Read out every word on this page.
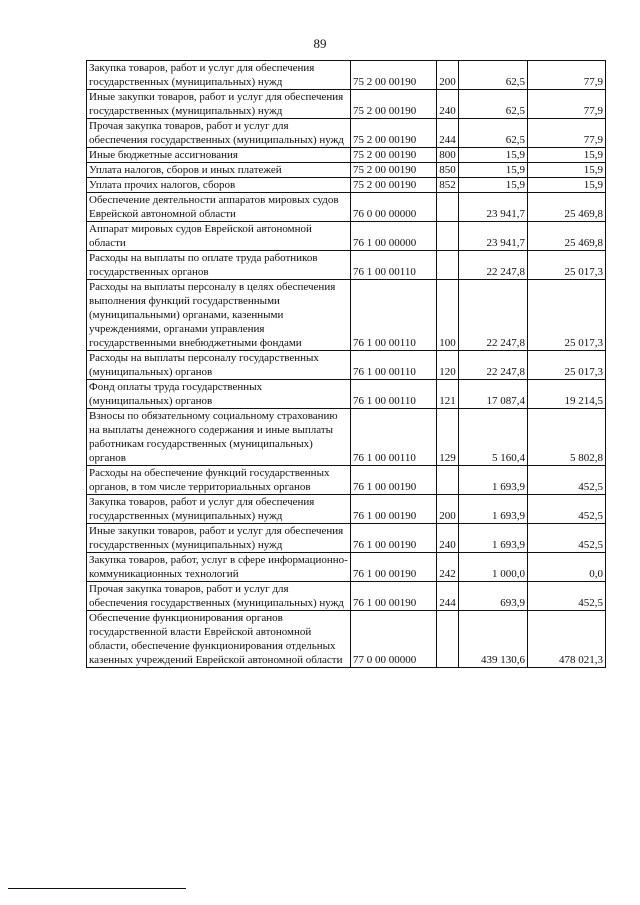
89
Закупка товаров, работ и услуг для обеспечения государственных (муниципальных) нужд	75 2 00 00190	200	62,5	77,9
Иные закупки товаров, работ и услуг для обеспечения государственных (муниципальных) нужд	75 2 00 00190	240	62,5	77,9
Прочая закупка товаров, работ и услуг для обеспечения государственных (муниципальных) нужд	75 2 00 00190	244	62,5	77,9
Иные бюджетные ассигнования	75 2 00 00190	800	15,9	15,9
Уплата налогов, сборов и иных платежей	75 2 00 00190	850	15,9	15,9
Уплата прочих налогов, сборов	75 2 00 00190	852	15,9	15,9
Обеспечение деятельности аппаратов мировых судов Еврейской автономной области	76 0 00 00000		23 941,7	25 469,8
Аппарат мировых судов Еврейской автономной области	76 1 00 00000		23 941,7	25 469,8
Расходы на выплаты по оплате труда работников государственных органов	76 1 00 00110		22 247,8	25 017,3
Расходы на выплаты персоналу в целях обеспечения выполнения функций государственными (муниципальными) органами, казенными учреждениями, органами управления государственными внебюджетными фондами	76 1 00 00110	100	22 247,8	25 017,3
Расходы на выплаты персоналу государственных (муниципальных) органов	76 1 00 00110	120	22 247,8	25 017,3
Фонд оплаты труда государственных (муниципальных) органов	76 1 00 00110	121	17 087,4	19 214,5
Взносы по обязательному социальному страхованию на выплаты денежного содержания и иные выплаты работникам государственных (муниципальных) органов	76 1 00 00110	129	5 160,4	5 802,8
Расходы на обеспечение функций государственных органов, в том числе территориальных органов	76 1 00 00190		1 693,9	452,5
Закупка товаров, работ и услуг для обеспечения государственных (муниципальных) нужд	76 1 00 00190	200	1 693,9	452,5
Иные закупки товаров, работ и услуг для обеспечения государственных (муниципальных) нужд	76 1 00 00190	240	1 693,9	452,5
Закупка товаров, работ, услуг в сфере информационно-коммуникационных технологий	76 1 00 00190	242	1 000,0	0,0
Прочая закупка товаров, работ и услуг для обеспечения государственных (муниципальных) нужд	76 1 00 00190	244	693,9	452,5
Обеспечение функционирования органов государственной власти Еврейской автономной области, обеспечение функционирования отдельных казенных учреждений Еврейской автономной области	77 0 00 00000		439 130,6	478 021,3
